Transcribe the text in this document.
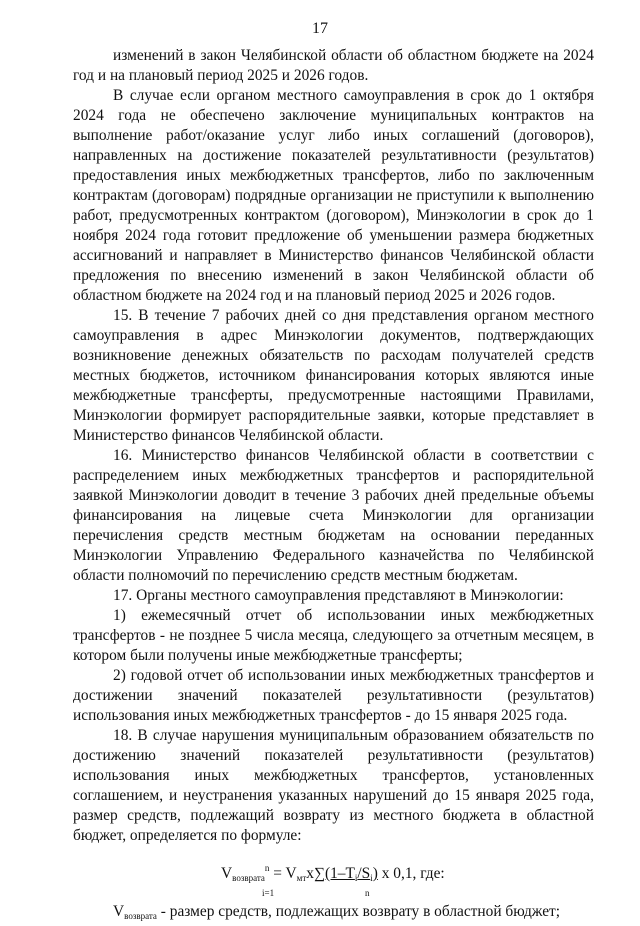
17

изменений в закон Челябинской области об областном бюджете на 2024 год и на плановый период 2025 и 2026 годов.

В случае если органом местного самоуправления в срок до 1 октября 2024 года не обеспечено заключение муниципальных контрактов на выполнение работ/оказание услуг либо иных соглашений (договоров), направленных на достижение показателей результативности (результатов) предоставления иных межбюджетных трансфертов, либо по заключенным контрактам (договорам) подрядные организации не приступили к выполнению работ, предусмотренных контрактом (договором), Минэкологии в срок до 1 ноября 2024 года готовит предложение об уменьшении размера бюджетных ассигнований и направляет в Министерство финансов Челябинской области предложения по внесению изменений в закон Челябинской области об областном бюджете на 2024 год и на плановый период 2025 и 2026 годов.

15. В течение 7 рабочих дней со дня представления органом местного самоуправления в адрес Минэкологии документов, подтверждающих возникновение денежных обязательств по расходам получателей средств местных бюджетов, источником финансирования которых являются иные межбюджетные трансферты, предусмотренные настоящими Правилами, Минэкологии формирует распорядительные заявки, которые представляет в Министерство финансов Челябинской области.

16. Министерство финансов Челябинской области в соответствии с распределением иных межбюджетных трансфертов и распорядительной заявкой Минэкологии доводит в течение 3 рабочих дней предельные объемы финансирования на лицевые счета Минэкологии для организации перечисления средств местным бюджетам на основании переданных Минэкологии Управлению Федерального казначейства по Челябинской области полномочий по перечислению средств местным бюджетам.

17. Органы местного самоуправления представляют в Минэкологии:

1) ежемесячный отчет об использовании иных межбюджетных трансфертов - не позднее 5 числа месяца, следующего за отчетным месяцем, в котором были получены иные межбюджетные трансферты;

2) годовой отчет об использовании иных межбюджетных трансфертов и достижении значений показателей результативности (результатов) использования иных межбюджетных трансфертов - до 15 января 2025 года.

18. В случае нарушения муниципальным образованием обязательств по достижению значений показателей результативности (результатов) использования иных межбюджетных трансфертов, установленных соглашением, и неустранения указанных нарушений до 15 января 2025 года, размер средств, подлежащий возврату из местного бюджета в областной бюджет, определяется по формуле:

$V_{возврата}^n = V_{мт}x\sum(1-T_i/S_i)$ x 0,1, где:
i=1	n

$V_{возврата}$ - размер средств, подлежащих возврату в областной бюджет;
